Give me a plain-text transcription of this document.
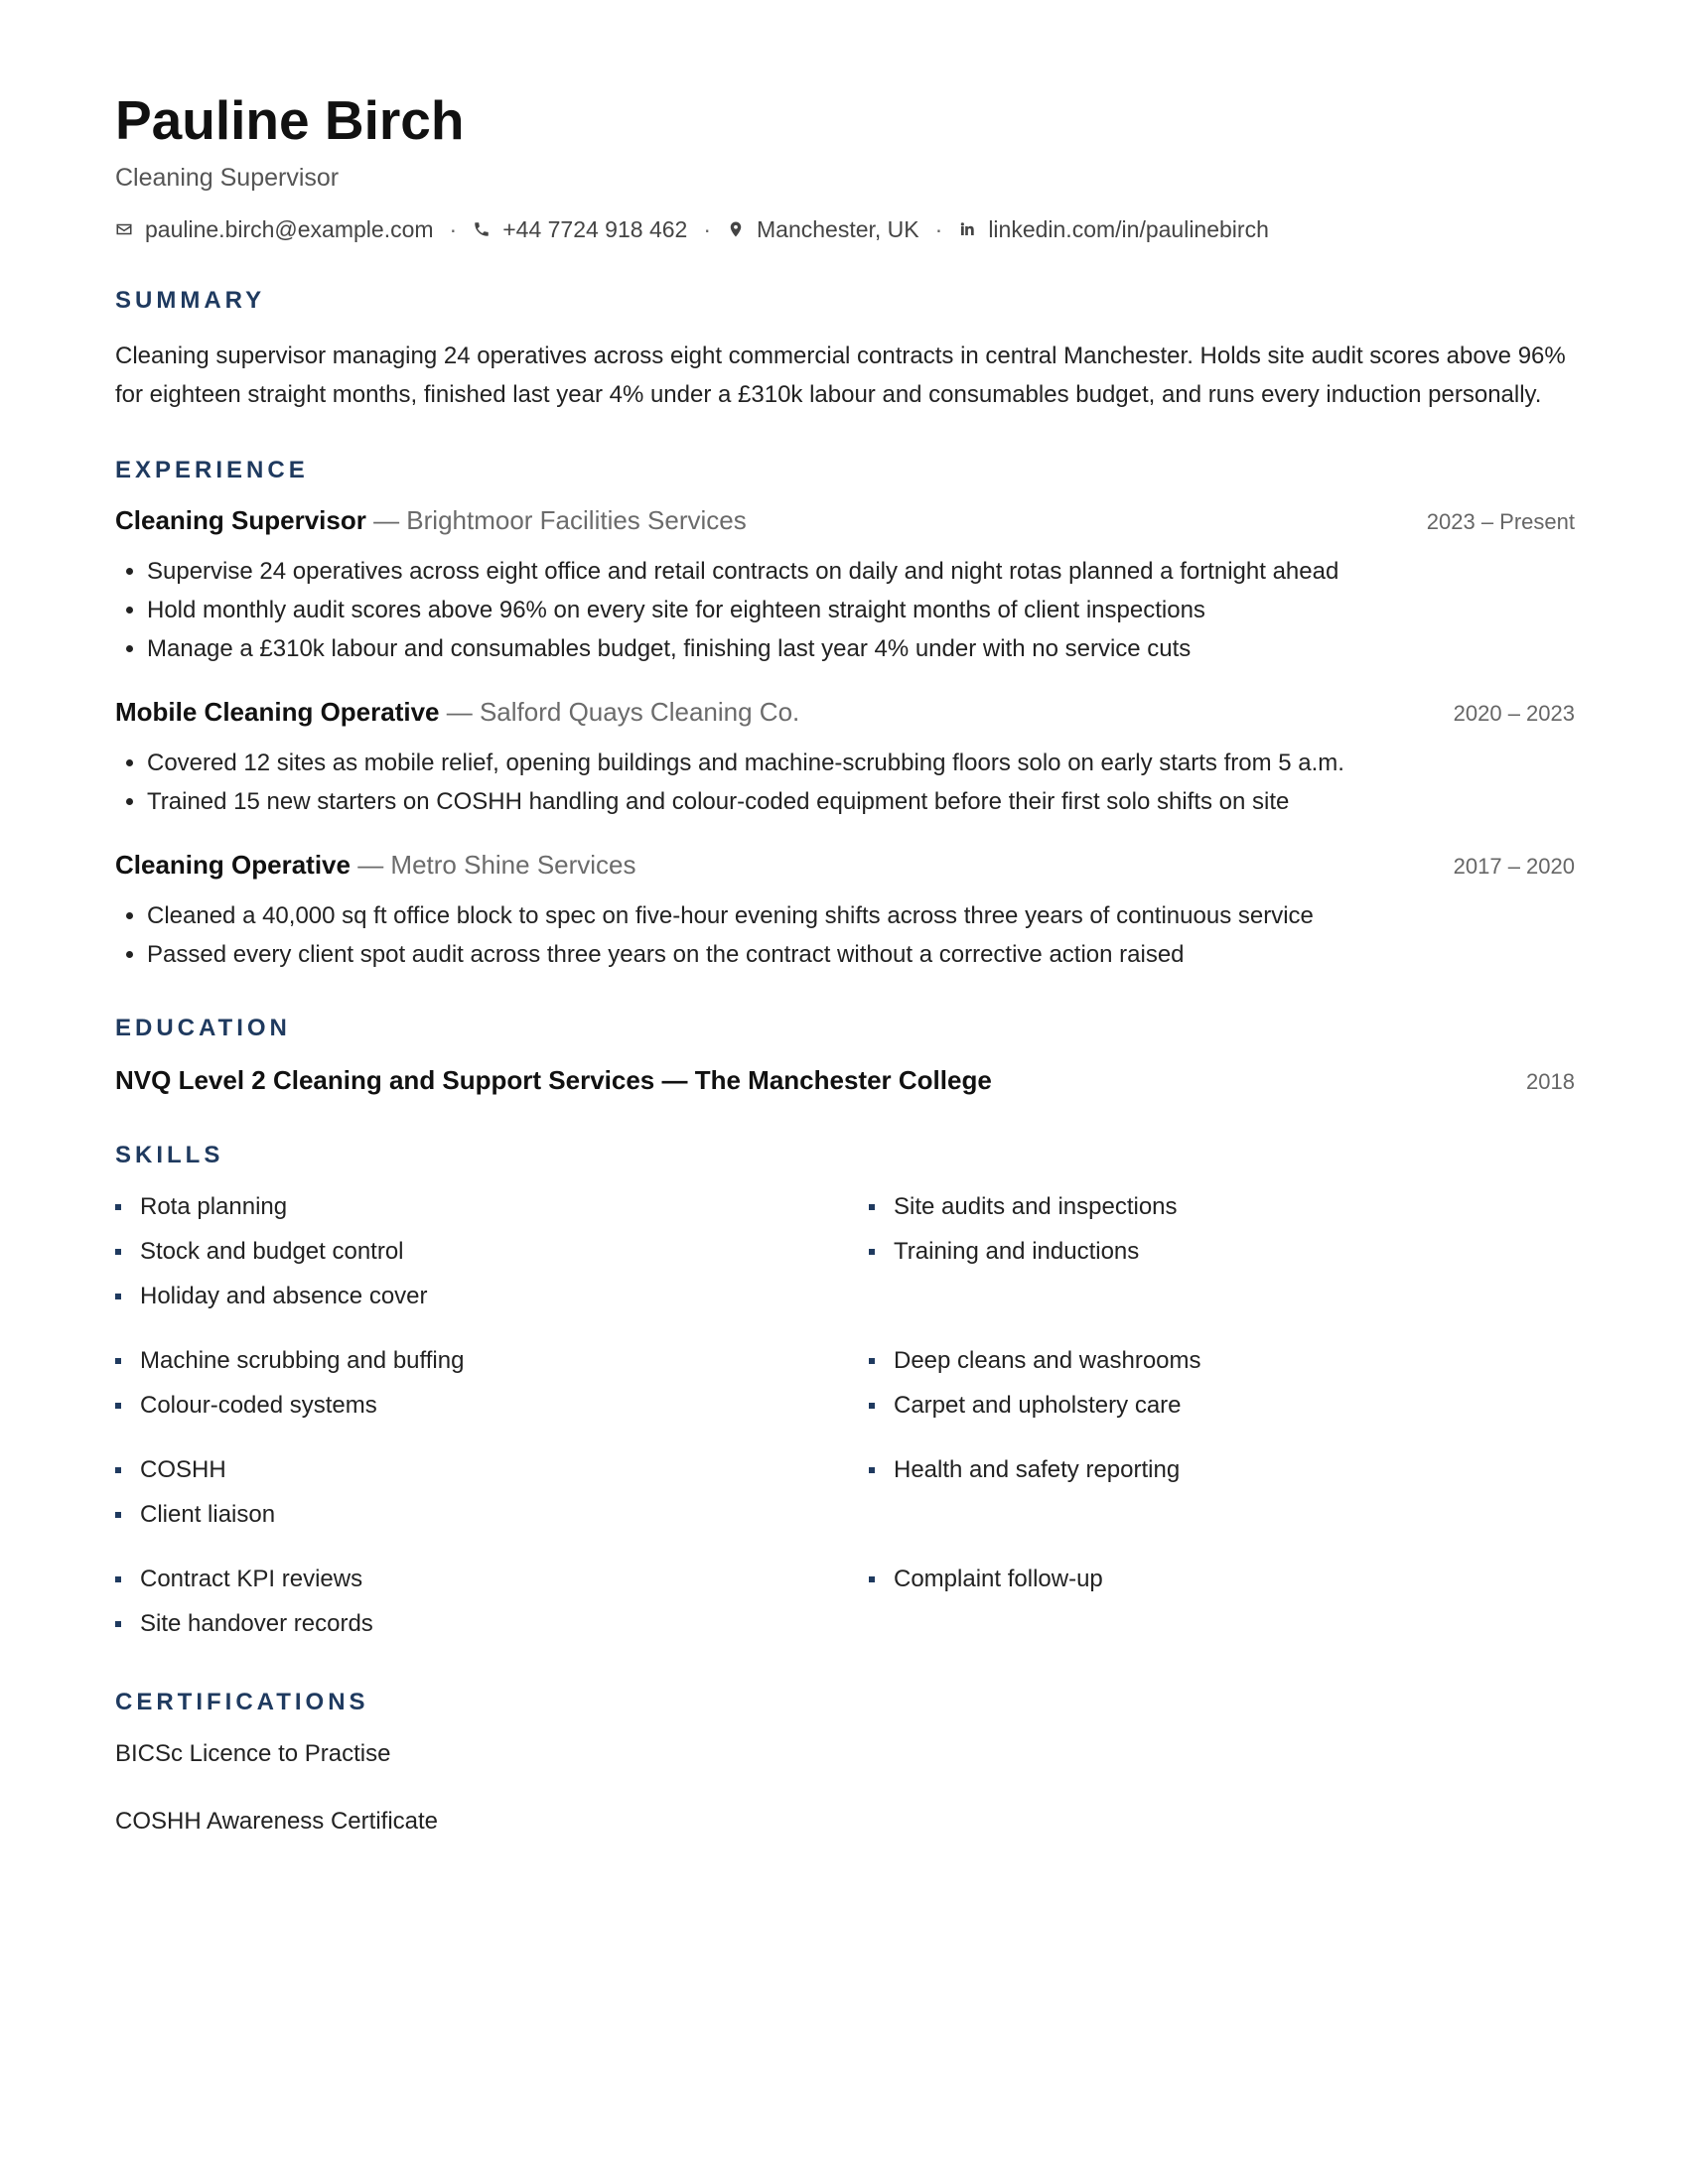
Pauline Birch
Cleaning Supervisor
pauline.birch@example.com · +44 7724 918 462 · Manchester, UK · linkedin.com/in/paulinebirch
SUMMARY
Cleaning supervisor managing 24 operatives across eight commercial contracts in central Manchester. Holds site audit scores above 96% for eighteen straight months, finished last year 4% under a £310k labour and consumables budget, and runs every induction personally.
EXPERIENCE
Cleaning Supervisor — Brightmoor Facilities Services	2023 – Present
• Supervise 24 operatives across eight office and retail contracts on daily and night rotas planned a fortnight ahead
• Hold monthly audit scores above 96% on every site for eighteen straight months of client inspections
• Manage a £310k labour and consumables budget, finishing last year 4% under with no service cuts
Mobile Cleaning Operative — Salford Quays Cleaning Co.	2020 – 2023
• Covered 12 sites as mobile relief, opening buildings and machine-scrubbing floors solo on early starts from 5 a.m.
• Trained 15 new starters on COSHH handling and colour-coded equipment before their first solo shifts on site
Cleaning Operative — Metro Shine Services	2017 – 2020
• Cleaned a 40,000 sq ft office block to spec on five-hour evening shifts across three years of continuous service
• Passed every client spot audit across three years on the contract without a corrective action raised
EDUCATION
NVQ Level 2 Cleaning and Support Services — The Manchester College	2018
SKILLS
Rota planning
Stock and budget control
Holiday and absence cover
Site audits and inspections
Training and inductions
Machine scrubbing and buffing
Colour-coded systems
Deep cleans and washrooms
Carpet and upholstery care
COSHH
Client liaison
Health and safety reporting
Contract KPI reviews
Site handover records
Complaint follow-up
CERTIFICATIONS
BICSc Licence to Practise
COSHH Awareness Certificate
